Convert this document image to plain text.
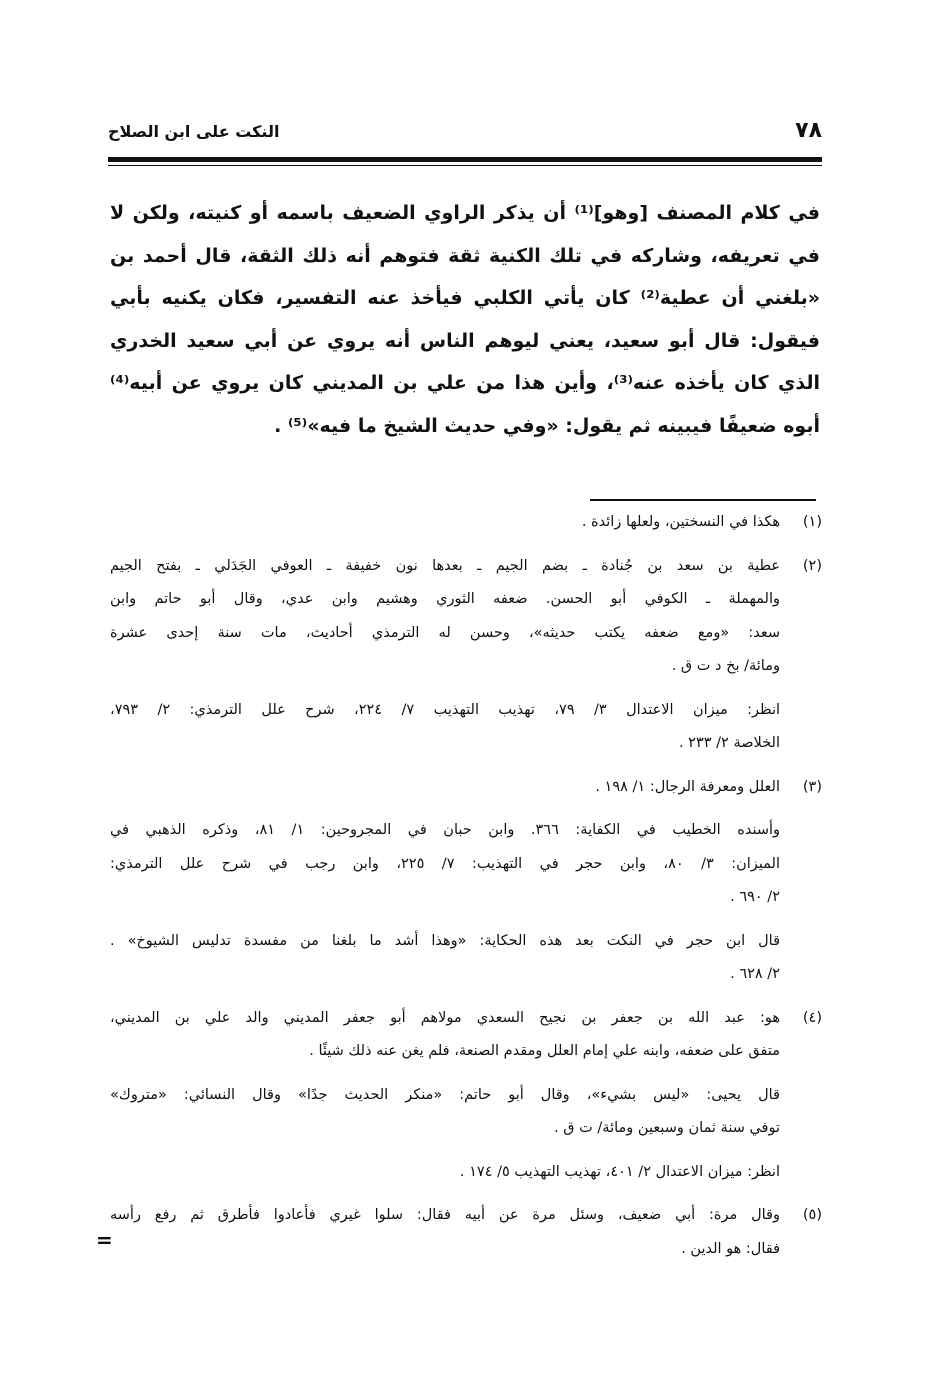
٧٨
النكت على ابن الصلاح
في كلام المصنف [وهو]⁽¹⁾ أن يذكر الراوي الضعيف باسمه أو كنيته، ولكن لا
في تعريفه، وشاركه في تلك الكنية ثقة فتوهم أنه ذلك الثقة، قال أحمد بن
«بلغني أن عطية⁽²⁾ كان يأتي الكلبي فيأخذ عنه التفسير، فكان يكنيه بأبي
فيقول: قال أبو سعيد، يعني ليوهم الناس أنه يروي عن أبي سعيد الخدري
الذي كان يأخذه عنه⁽³⁾، وأين هذا من علي بن المديني كان يروي عن أبيه⁽⁴⁾
أبوه ضعيفًا فيبينه ثم يقول: «وفي حديث الشيخ ما فيه»⁽⁵⁾ .
(١)
هكذا في النسختين، ولعلها زائدة .
(٢)
عطية بن سعد بن جُنادة ـ بضم الجيم ـ بعدها نون خفيفة ـ العوفي الجَدَلي ـ بفتح الجيم
والمهملة ـ الكوفي أبو الحسن. ضعفه الثوري وهشيم وابن عدي، وقال أبو حاتم وابن
سعد: «ومع ضعفه يكتب حديثه»، وحسن له الترمذي أحاديث، مات سنة إحدى عشرة
ومائة/ بخ د ت ق .
انظر: ميزان الاعتدال ٣/ ٧٩، تهذيب التهذيب ٧/ ٢٢٤، شرح علل الترمذي: ٢/ ٧٩٣،
الخلاصة ٢/ ٢٣٣ .
(٣)
العلل ومعرفة الرجال: ١/ ١٩٨ .
وأسنده الخطيب في الكفاية: ٣٦٦. وابن حبان في المجروحين: ١/ ٨١، وذكره الذهبي في
الميزان: ٣/ ٨٠، وابن حجر في التهذيب: ٧/ ٢٢٥، وابن رجب في شرح علل الترمذي:
٢/ ٦٩٠ .
قال ابن حجر في النكت بعد هذه الحكاية: «وهذا أشد ما بلغنا من مفسدة تدليس الشيوخ» .
٢/ ٦٢٨ .
(٤)
هو: عبد الله بن جعفر بن نجيح السعدي مولاهم أبو جعفر المديني والد علي بن المديني،
متفق على ضعفه، وابنه علي إمام العلل ومقدم الصنعة، فلم يغن عنه ذلك شيئًا .
قال يحيى: «ليس بشيء»، وقال أبو حاتم: «منكر الحديث جدًا» وقال النسائي: «متروك»
توفي سنة ثمان وسبعين ومائة/ ت ق .
انظر: ميزان الاعتدال ٢/ ٤٠١، تهذيب التهذيب ٥/ ١٧٤ .
(٥)
وقال مرة: أبي ضعيف، وسئل مرة عن أبيه فقال: سلوا غيري فأعادوا فأطرق ثم رفع رأسه
فقال: هو الدين .
=
